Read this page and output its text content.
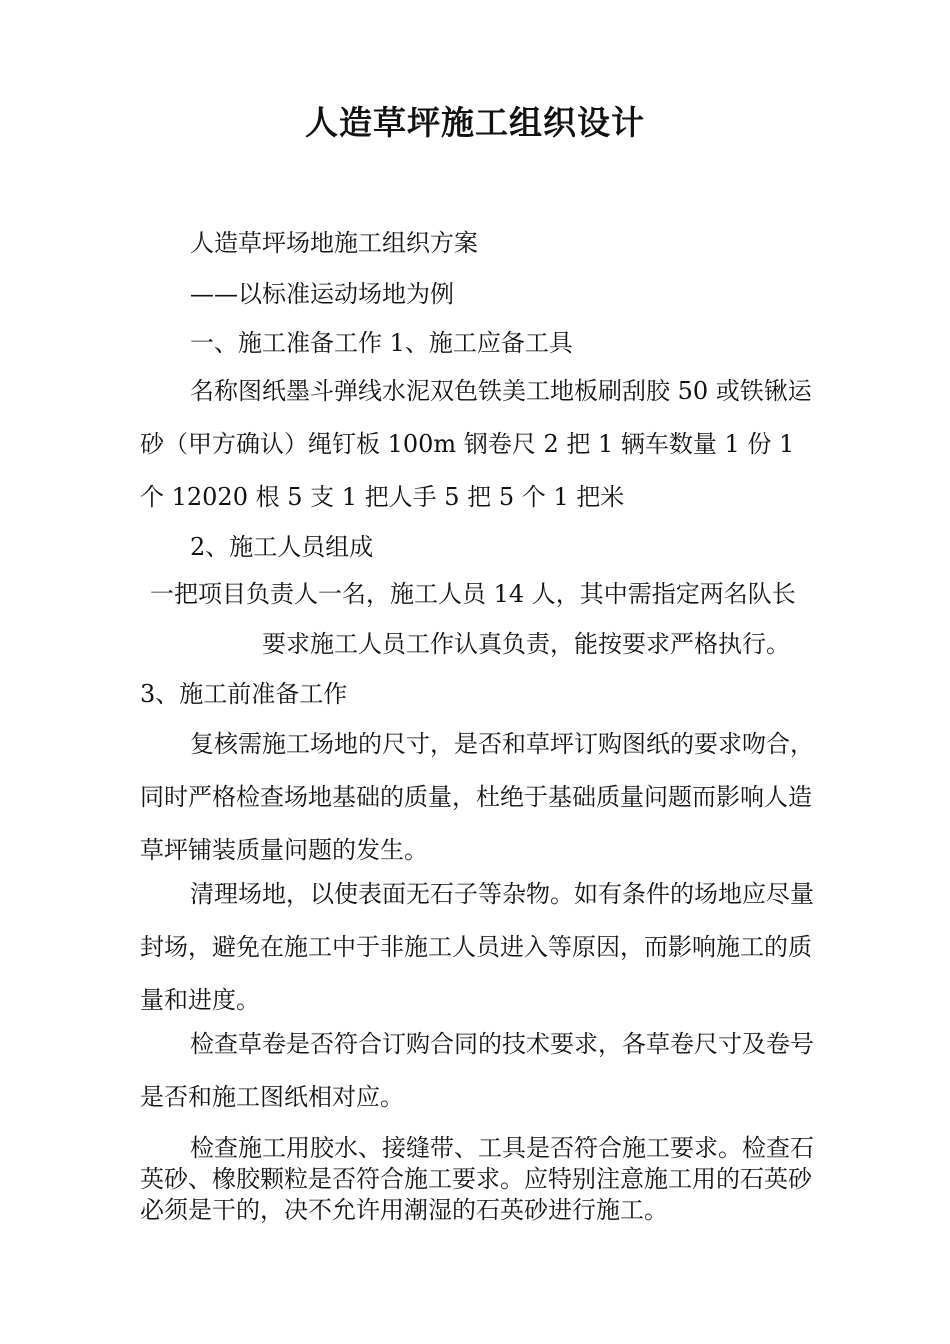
人造草坪施工组织设计

人造草坪场地施工组织方案

——以标准运动场地为例

一、施工准备工作 1、施工应备工具

名称图纸墨斗弹线水泥双色铁美工地板刷刮胶 50 或铁锹运砂（甲方确认）绳钉板 100m 钢卷尺 2 把 1 辆车数量 1 份 1 个 12020 根 5 支 1 把人手 5 把 5 个 1 把米

2、施工人员组成

一把项目负责人一名，施工人员 14 人，其中需指定两名队长

要求施工人员工作认真负责，能按要求严格执行。

3、施工前准备工作

复核需施工场地的尺寸，是否和草坪订购图纸的要求吻合，同时严格检查场地基础的质量，杜绝于基础质量问题而影响人造草坪铺装质量问题的发生。

清理场地，以使表面无石子等杂物。如有条件的场地应尽量封场，避免在施工中于非施工人员进入等原因，而影响施工的质量和进度。

检查草卷是否符合订购合同的技术要求，各草卷尺寸及卷号是否和施工图纸相对应。

检查施工用胶水、接缝带、工具是否符合施工要求。检查石英砂、橡胶颗粒是否符合施工要求。应特别注意施工用的石英砂必须是干的，决不允许用潮湿的石英砂进行施工。
